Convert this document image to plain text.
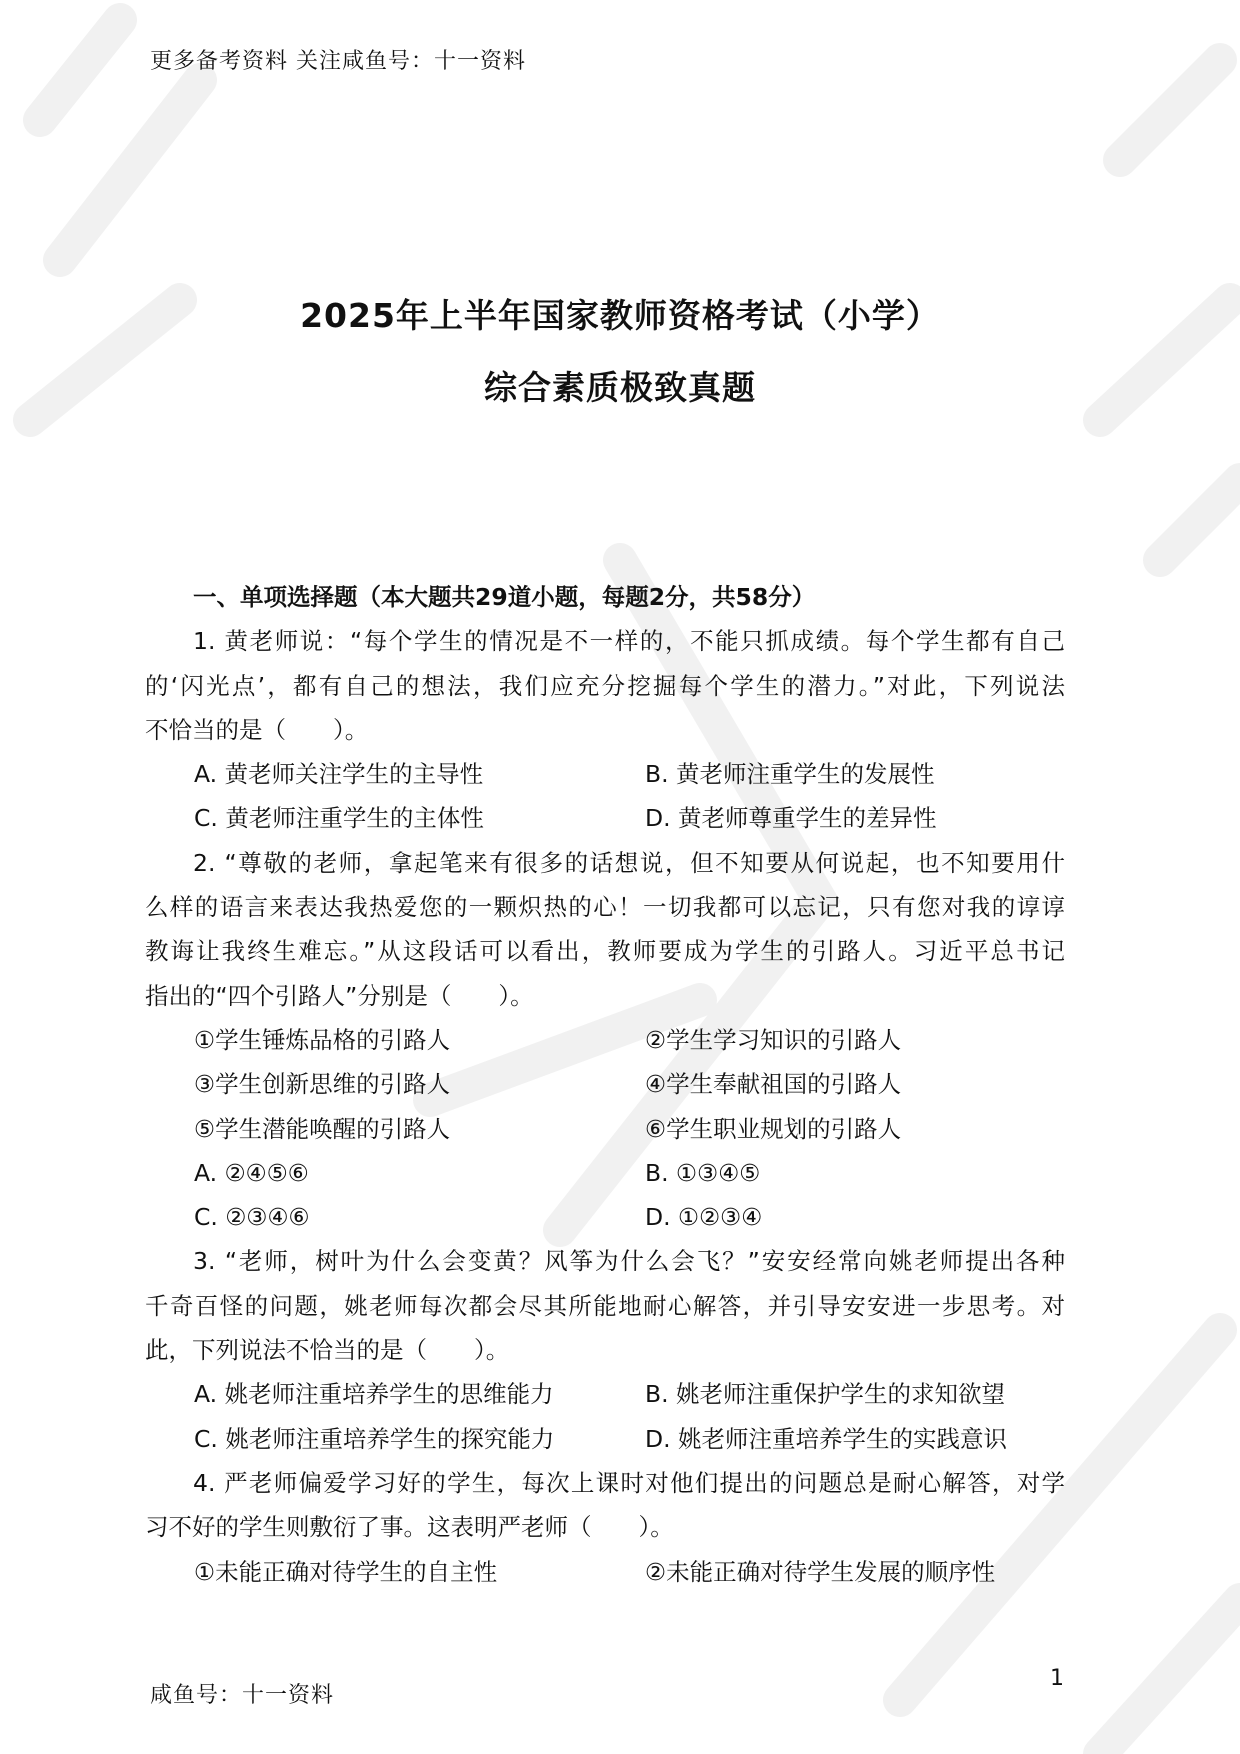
更多备考资料 关注咸鱼号：十一资料
2025年上半年国家教师资格考试（小学）
综合素质极致真题
一、单项选择题（本大题共29道小题，每题2分，共58分）
1. 黄老师说：“每个学生的情况是不一样的，不能只抓成绩。每个学生都有自己
的‘闪光点’，都有自己的想法，我们应充分挖掘每个学生的潜力。”对此，下列说法
不恰当的是（　　）。
A. 黄老师关注学生的主导性	B. 黄老师注重学生的发展性
C. 黄老师注重学生的主体性	D. 黄老师尊重学生的差异性
2. “尊敬的老师，拿起笔来有很多的话想说，但不知要从何说起，也不知要用什
么样的语言来表达我热爱您的一颗炽热的心！一切我都可以忘记，只有您对我的谆谆
教诲让我终生难忘。”从这段话可以看出，教师要成为学生的引路人。习近平总书记
指出的“四个引路人”分别是（　　）。
①学生锤炼品格的引路人	②学生学习知识的引路人
③学生创新思维的引路人	④学生奉献祖国的引路人
⑤学生潜能唤醒的引路人	⑥学生职业规划的引路人
A. ②④⑤⑥	B. ①③④⑤
C. ②③④⑥	D. ①②③④
3. “老师，树叶为什么会变黄？风筝为什么会飞？”安安经常向姚老师提出各种
千奇百怪的问题，姚老师每次都会尽其所能地耐心解答，并引导安安进一步思考。对
此，下列说法不恰当的是（　　）。
A. 姚老师注重培养学生的思维能力	B. 姚老师注重保护学生的求知欲望
C. 姚老师注重培养学生的探究能力	D. 姚老师注重培养学生的实践意识
4. 严老师偏爱学习好的学生，每次上课时对他们提出的问题总是耐心解答，对学
习不好的学生则敷衍了事。这表明严老师（　　）。
①未能正确对待学生的自主性	②未能正确对待学生发展的顺序性
咸鱼号：十一资料
1
